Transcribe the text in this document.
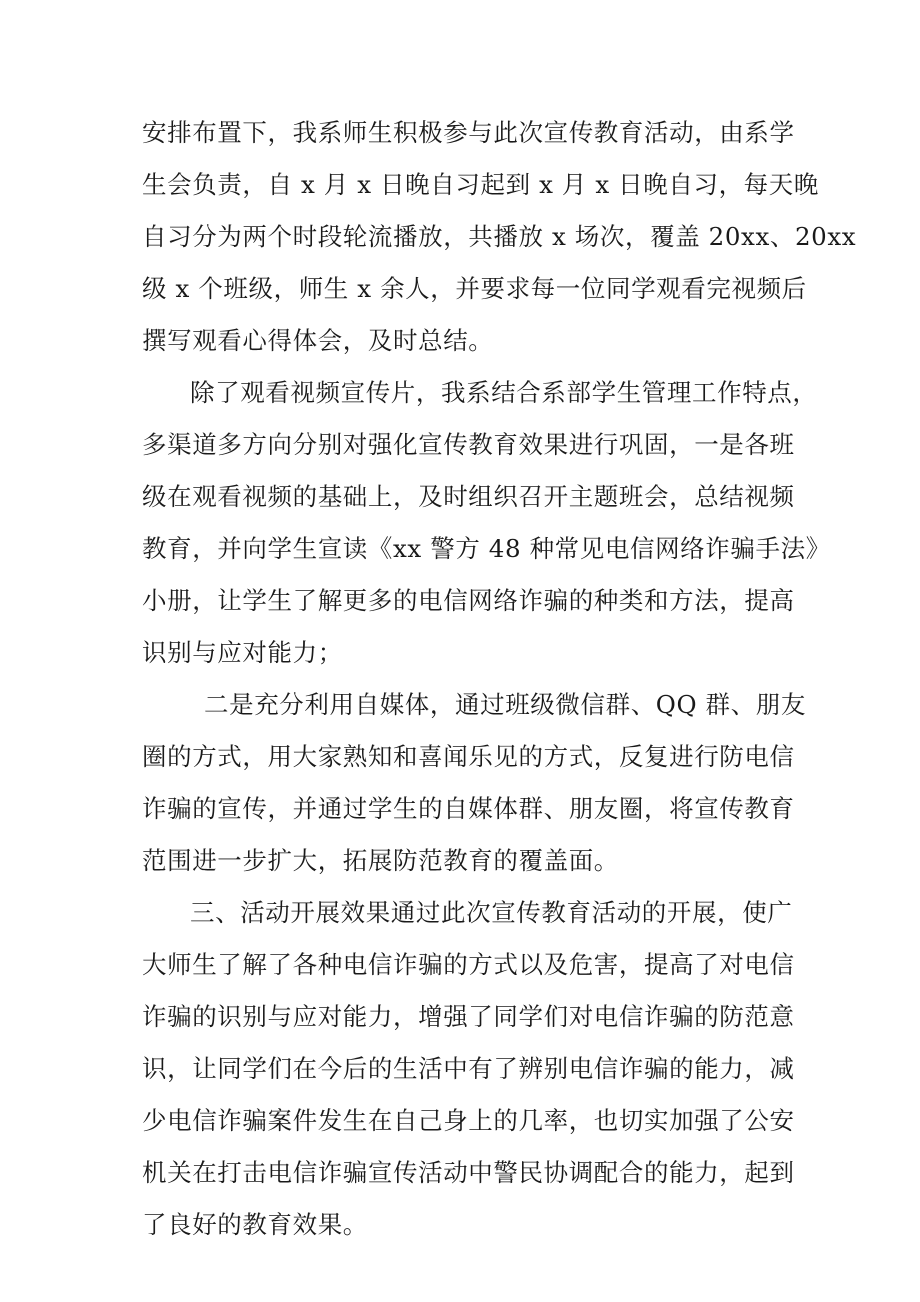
安排布置下，我系师生积极参与此次宣传教育活动，由系学

生会负责，自 x 月 x 日晚自习起到 x 月 x 日晚自习，每天晚

自习分为两个时段轮流播放，共播放 x 场次，覆盖 20xx、20xx

级 x 个班级，师生 x 余人，并要求每一位同学观看完视频后

撰写观看心得体会，及时总结。

除了观看视频宣传片，我系结合系部学生管理工作特点，

多渠道多方向分别对强化宣传教育效果进行巩固，一是各班

级在观看视频的基础上，及时组织召开主题班会，总结视频

教育，并向学生宣读《xx 警方 48 种常见电信网络诈骗手法》

小册，让学生了解更多的电信网络诈骗的种类和方法，提高

识别与应对能力；

二是充分利用自媒体，通过班级微信群、QQ 群、朋友

圈的方式，用大家熟知和喜闻乐见的方式，反复进行防电信

诈骗的宣传，并通过学生的自媒体群、朋友圈，将宣传教育

范围进一步扩大，拓展防范教育的覆盖面。

三、活动开展效果通过此次宣传教育活动的开展，使广

大师生了解了各种电信诈骗的方式以及危害，提高了对电信

诈骗的识别与应对能力，增强了同学们对电信诈骗的防范意

识，让同学们在今后的生活中有了辨别电信诈骗的能力，减

少电信诈骗案件发生在自己身上的几率，也切实加强了公安

机关在打击电信诈骗宣传活动中警民协调配合的能力，起到

了良好的教育效果。
